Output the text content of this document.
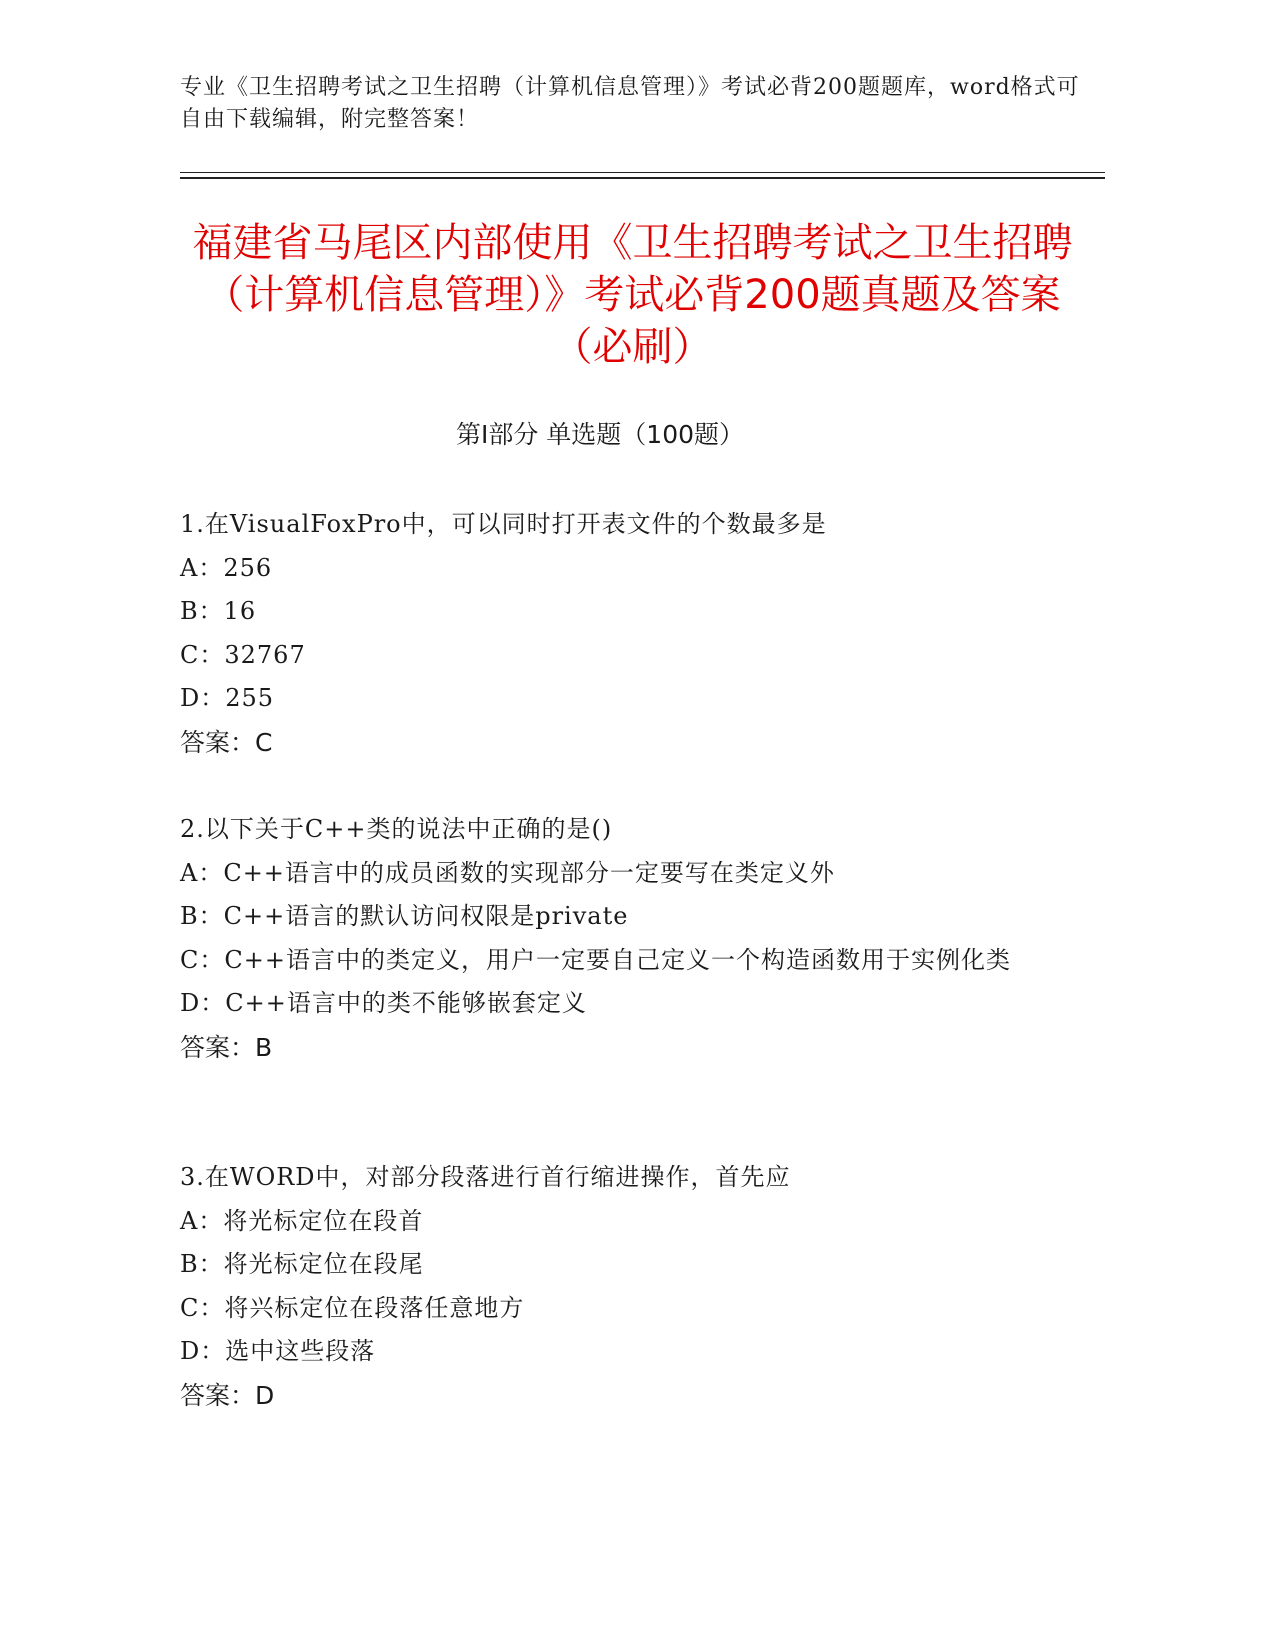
专业《卫生招聘考试之卫生招聘（计算机信息管理）》考试必背200题题库，word格式可自由下载编辑，附完整答案！
福建省马尾区内部使用《卫生招聘考试之卫生招聘（计算机信息管理）》考试必背200题真题及答案（必刷）
第Ⅰ部分 单选题（100题）
1.在VisualFoxPro中，可以同时打开表文件的个数最多是
A：256
B：16
C：32767
D：255
答案：C
2.以下关于C++类的说法中正确的是()
A：C++语言中的成员函数的实现部分一定要写在类定义外
B：C++语言的默认访问权限是private
C：C++语言中的类定义，用户一定要自己定义一个构造函数用于实例化类
D：C++语言中的类不能够嵌套定义
答案：B
3.在WORD中，对部分段落进行首行缩进操作，首先应
A：将光标定位在段首
B：将光标定位在段尾
C：将兴标定位在段落任意地方
D：选中这些段落
答案：D
